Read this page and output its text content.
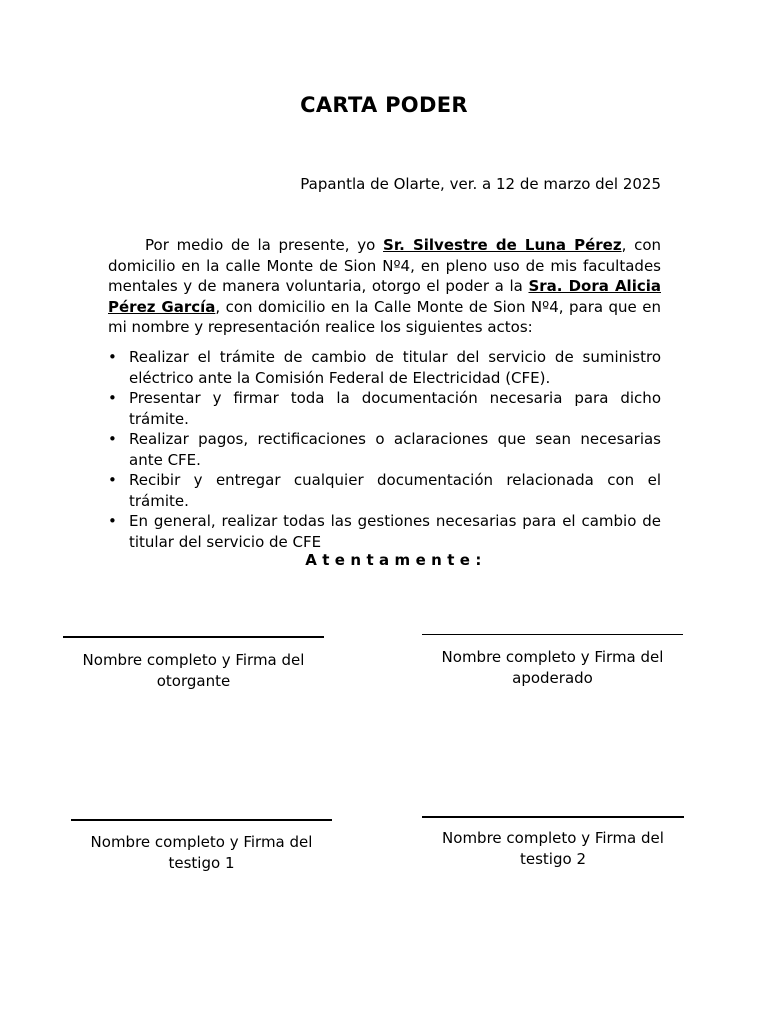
CARTA PODER
Papantla de Olarte, ver. a 12 de marzo del 2025

Por medio de la presente, yo Sr. Silvestre de Luna Pérez, con domicilio en la calle Monte de Sion Nº4, en pleno uso de mis facultades mentales y de manera voluntaria, otorgo el poder a la Sra. Dora Alicia Pérez García, con domicilio en la Calle Monte de Sion Nº4, para que en mi nombre y representación realice los siguientes actos:

• Realizar el trámite de cambio de titular del servicio de suministro eléctrico ante la Comisión Federal de Electricidad (CFE).
• Presentar y firmar toda la documentación necesaria para dicho trámite.
• Realizar pagos, rectificaciones o aclaraciones que sean necesarias ante CFE.
• Recibir y entregar cualquier documentación relacionada con el trámite.
• En general, realizar todas las gestiones necesarias para el cambio de titular del servicio de CFE
Atentamente:
Nombre completo y Firma del otorgante
Nombre completo y Firma del apoderado
Nombre completo y Firma del testigo 1
Nombre completo y Firma del testigo 2
